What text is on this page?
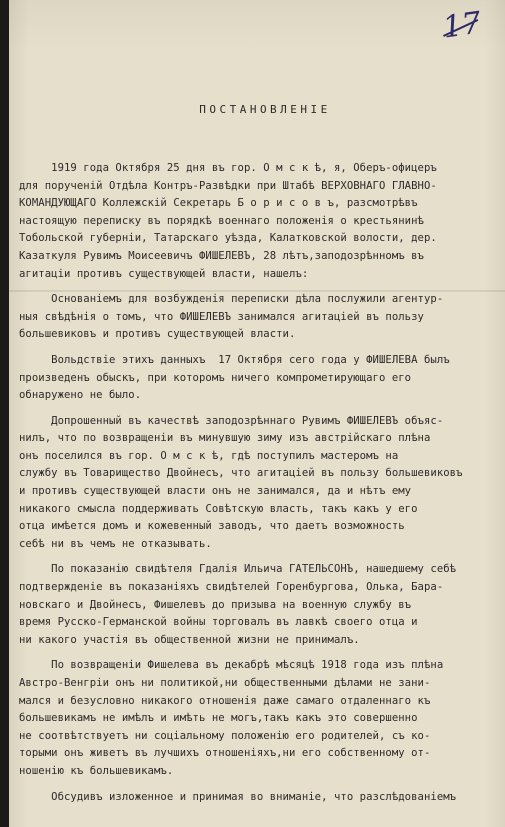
17

ПОСТАНОВЛЕНІЕ

1919 года Октября 25 дня въ гор. О м с к ѣ, я, Оберъ-офицеръ
для порученій Отдѣла Контръ-Развѣдки при Штабѣ ВЕРХОВНАГО ГЛАВНО-
КОМАНДУЮЩАГО Коллежскій Секретарь Б о р и с о в ъ, разсмотрѣвъ
настоящую переписку въ порядкѣ военнаго положенія о крестьянинѣ
Тобольской губерніи, Татарскаго уѣзда, Калатковской волости, дер.
Казаткуля Рувимъ Моисеевичъ ФИШЕЛЕВЪ, 28 лѣтъ,заподозрѣнномъ въ
агитаціи противъ существующей власти, нашелъ:
Основаніемъ для возбужденія переписки дѣла послужили агентур-
ныя свѣдѣнія о томъ, что ФИШЕЛЕВЪ занимался агитаціей въ пользу
большевиковъ и противъ существующей власти.
Вольдствіе этихъ данныхъ  17 Октября сего года у ФИШЕЛЕВА былъ
произведенъ обыскъ, при которомъ ничего компрометирующаго его
обнаружено не было.
Допрошенный въ качествѣ заподозрѣннаго Рувимъ ФИШЕЛЕВЪ объяс-
нилъ, что по возвращеніи въ минувшую зиму изъ австрійскаго плѣна
онъ поселился въ гор. О м с к ѣ, гдѣ поступилъ мастеромъ на
службу въ Товарищество Двойнесъ, что агитаціей въ пользу большевиковъ
и противъ существующей власти онъ не занимался, да и нѣтъ ему
никакого смысла поддерживать Совѣтскую власть, такъ какъ у его
отца имѣется домъ и кожевенный заводъ, что даетъ возможность
себѣ ни въ чемъ не отказывать.
По показанію свидѣтеля Гдалія Ильича ГАТЕЛЬСОНЪ, нашедшему себѣ
подтвержденіе въ показаніяхъ свидѣтелей Горенбургова, Олька, Бара-
новскаго и Двойнесъ, Фишелевъ до призыва на военную службу въ
время Русско-Германской войны торговалъ въ лавкѣ своего отца и
ни какого участія въ общественной жизни не принималъ.
По возвращеніи Фишелева въ декабрѣ мѣсяцѣ 1918 года изъ плѣна
Австро-Венгріи онъ ни политикой,ни общественными дѣлами не зани-
мался и безусловно никакого отношенія даже самаго отдаленнаго къ
большевикамъ не имѣлъ и имѣть не могъ,такъ какъ это совершенно
не соотвѣтствуетъ ни соціальному положенію его родителей, съ ко-
торыми онъ живетъ въ лучшихъ отношеніяхъ,ни его собственному от-
ношенію къ большевикамъ.
Обсудивъ изложенное и принимая во вниманіе, что разслѣдованіемъ
